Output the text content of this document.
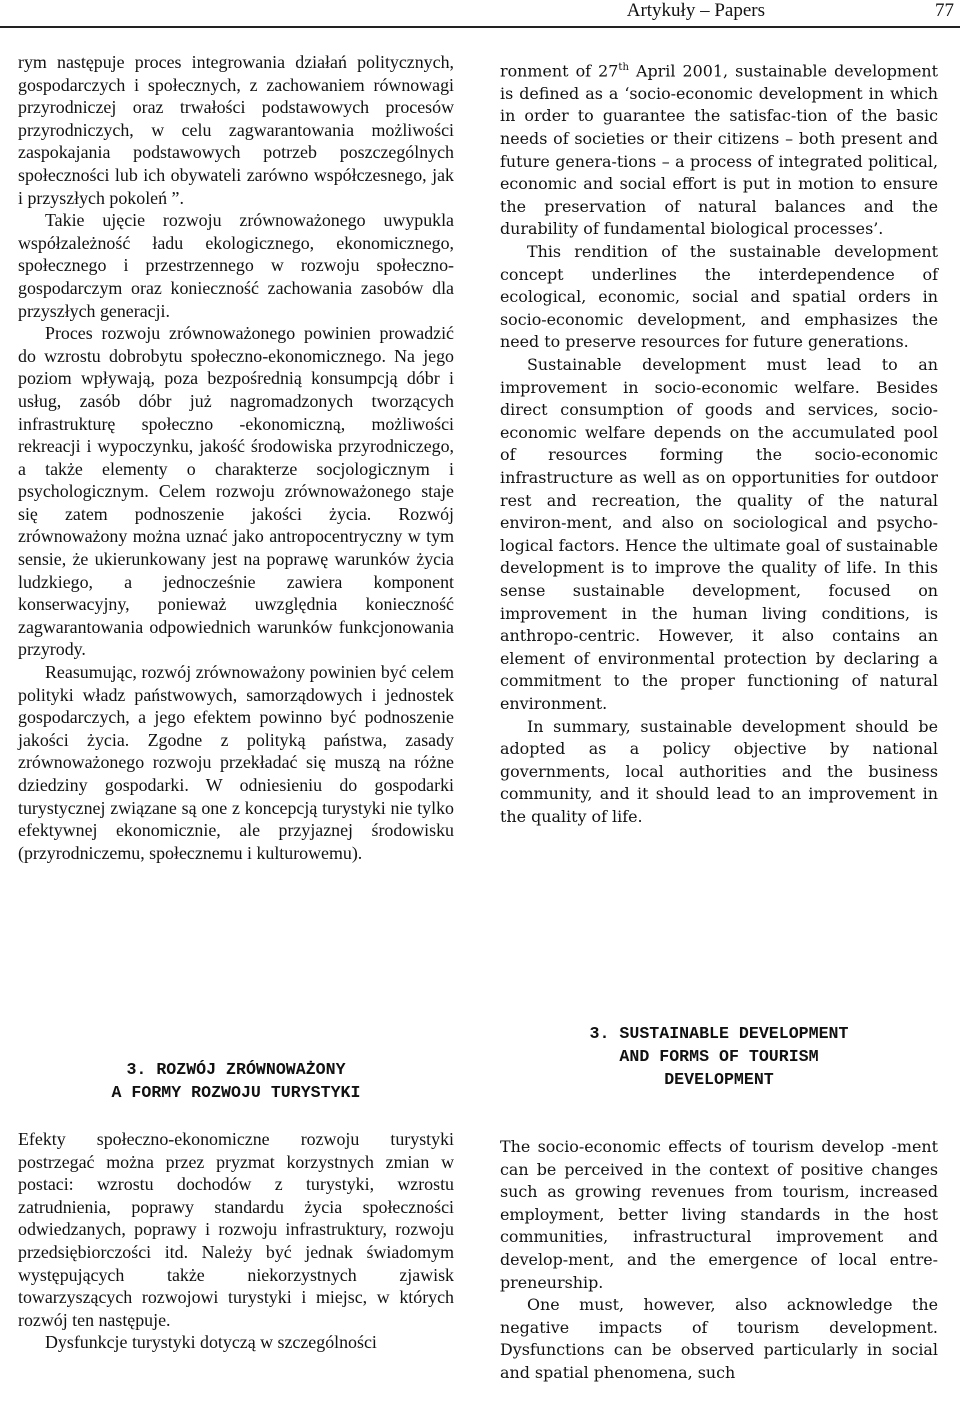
Artykuły – Papers	77

rym następuje proces integrowania działań politycznych, gospodarczych i społecznych, z zachowaniem równowagi przyrodniczej oraz trwałości podstawowych procesów przyrodniczych, w celu zagwarantowania możliwości zaspokajania podstawowych potrzeb poszczególnych społeczności lub ich obywateli zarówno współczesnego, jak i przyszłych pokoleń ”.

Takie ujęcie rozwoju zrównoważonego uwypukla współzależność ładu ekologicznego, ekonomicznego, społecznego i przestrzennego w rozwoju społeczno-gospodarczym oraz konieczność zachowania zasobów dla przyszłych generacji.

Proces rozwoju zrównoważonego powinien prowadzić do wzrostu dobrobytu społeczno-ekonomicznego. Na jego poziom wpływają, poza bezpośrednią konsumpcją dóbr i usług, zasób dóbr już nagromadzonych tworzących infrastrukturę społeczno -ekonomiczną, możliwości rekreacji i wypoczynku, jakość środowiska przyrodniczego, a także elementy o charakterze socjologicznym i psychologicznym. Celem rozwoju zrównoważonego staje się zatem podnoszenie jakości życia. Rozwój zrównoważony można uznać jako antropocentryczny w tym sensie, że ukierunkowany jest na poprawę warunków życia ludzkiego, a jednocześnie zawiera komponent konserwacyjny, ponieważ uwzględnia konieczność zagwarantowania odpowiednich warunków funkcjonowania przyrody.

Reasumując, rozwój zrównoważony powinien być celem polityki władz państwowych, samorządowych i jednostek gospodarczych, a jego efektem powinno być podnoszenie jakości życia. Zgodne z polityką państwa, zasady zrównoważonego rozwoju przekładać się muszą na różne dziedziny gospodarki. W odniesieniu do gospodarki turystycznej związane są one z koncepcją turystyki nie tylko efektywnej ekonomicznie, ale przyjaznej środowisku (przyrodniczemu, społecznemu i kulturowemu).

3. ROZWÓJ ZRÓWNOWAŻONY
A FORMY ROZWOJU TURYSTYKI

Efekty społeczno-ekonomiczne rozwoju turystyki postrzegać można przez pryzmat korzystnych zmian w postaci: wzrostu dochodów z turystyki, wzrostu zatrudnienia, poprawy standardu życia społeczności odwiedzanych, poprawy i rozwoju infrastruktury, rozwoju przedsiębiorczości itd. Należy być jednak świadomym występujących także niekorzystnych zjawisk towarzyszących rozwojowi turystyki i miejsc, w których rozwój ten następuje.

Dysfunkcje turystyki dotyczą w szczególności

ronment of 27th April 2001, sustainable development is defined as a ‘socio-economic development in which in order to guarantee the satisfac-tion of the basic needs of societies or their citizens – both present and future genera-tions – a process of integrated political, economic and social effort is put in motion to ensure the preservation of natural balances and the durability of fundamental biological processes’.

This rendition of the sustainable development concept underlines the interdependence of ecological, economic, social and spatial orders in socio-economic development, and emphasizes the need to preserve resources for future generations.

Sustainable development must lead to an improvement in socio-economic welfare. Besides direct consumption of goods and services, socio-economic welfare depends on the accumulated pool of resources forming the socio-economic infrastructure as well as on opportunities for outdoor rest and recreation, the quality of the natural environ-ment, and also on sociological and psycho-logical factors. Hence the ultimate goal of sustainable development is to improve the quality of life. In this sense sustainable development, focused on improvement in the human living conditions, is anthropo-centric. However, it also contains an element of environmental protection by declaring a commitment to the proper functioning of natural environment.

In summary, sustainable development should be adopted as a policy objective by national governments, local authorities and the business community, and it should lead to an improvement in the quality of life.

3. SUSTAINABLE DEVELOPMENT
AND FORMS OF TOURISM
DEVELOPMENT

The socio-economic effects of tourism develop -ment can be perceived in the context of positive changes such as growing revenues from tourism, increased employment, better living standards in the host communities, infrastructural improvement and develop-ment, and the emergence of local entre-preneurship.

One must, however, also acknowledge the negative impacts of tourism development. Dysfunctions can be observed particularly in social and spatial phenomena, such
